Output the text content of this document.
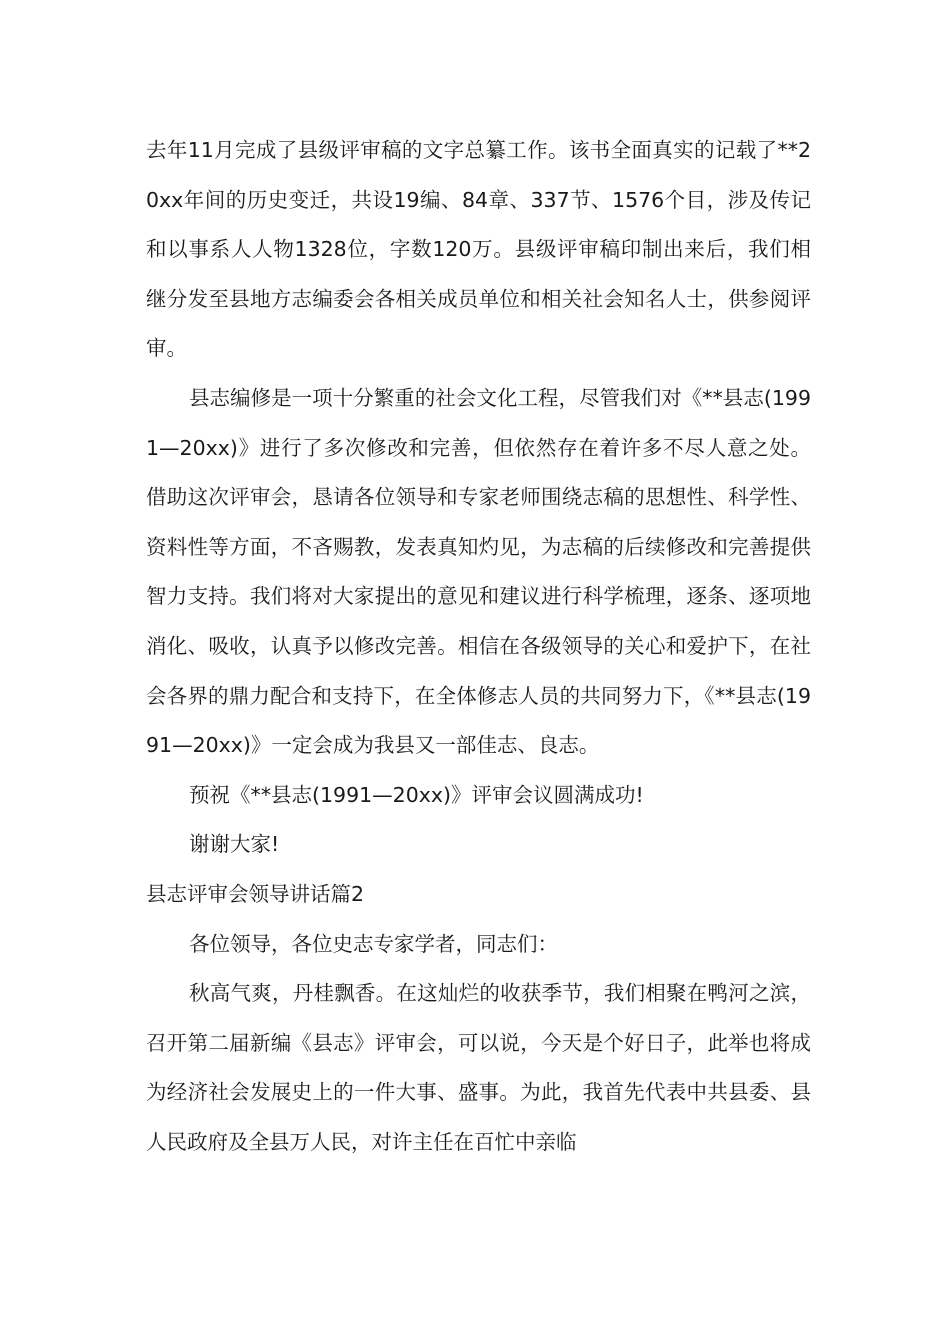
去年11月完成了县级评审稿的文字总纂工作。该书全面真实的记载了**20xx年间的历史变迁，共设19编、84章、337节、1576个目，涉及传记和以事系人人物1328位，字数120万。县级评审稿印制出来后，我们相继分发至县地方志编委会各相关成员单位和相关社会知名人士，供参阅评审。

县志编修是一项十分繁重的社会文化工程，尽管我们对《**县志(1991—20xx)》进行了多次修改和完善，但依然存在着许多不尽人意之处。借助这次评审会，恳请各位领导和专家老师围绕志稿的思想性、科学性、资料性等方面，不吝赐教，发表真知灼见，为志稿的后续修改和完善提供智力支持。我们将对大家提出的意见和建议进行科学梳理，逐条、逐项地消化、吸收，认真予以修改完善。相信在各级领导的关心和爱护下，在社会各界的鼎力配合和支持下，在全体修志人员的共同努力下，《**县志(1991—20xx)》一定会成为我县又一部佳志、良志。

预祝《**县志(1991—20xx)》评审会议圆满成功!

谢谢大家!

县志评审会领导讲话篇2

各位领导，各位史志专家学者，同志们：

秋高气爽，丹桂飘香。在这灿烂的收获季节，我们相聚在鸭河之滨，召开第二届新编《县志》评审会，可以说，今天是个好日子，此举也将成为经济社会发展史上的一件大事、盛事。为此，我首先代表中共县委、县人民政府及全县万人民，对许主任在百忙中亲临
